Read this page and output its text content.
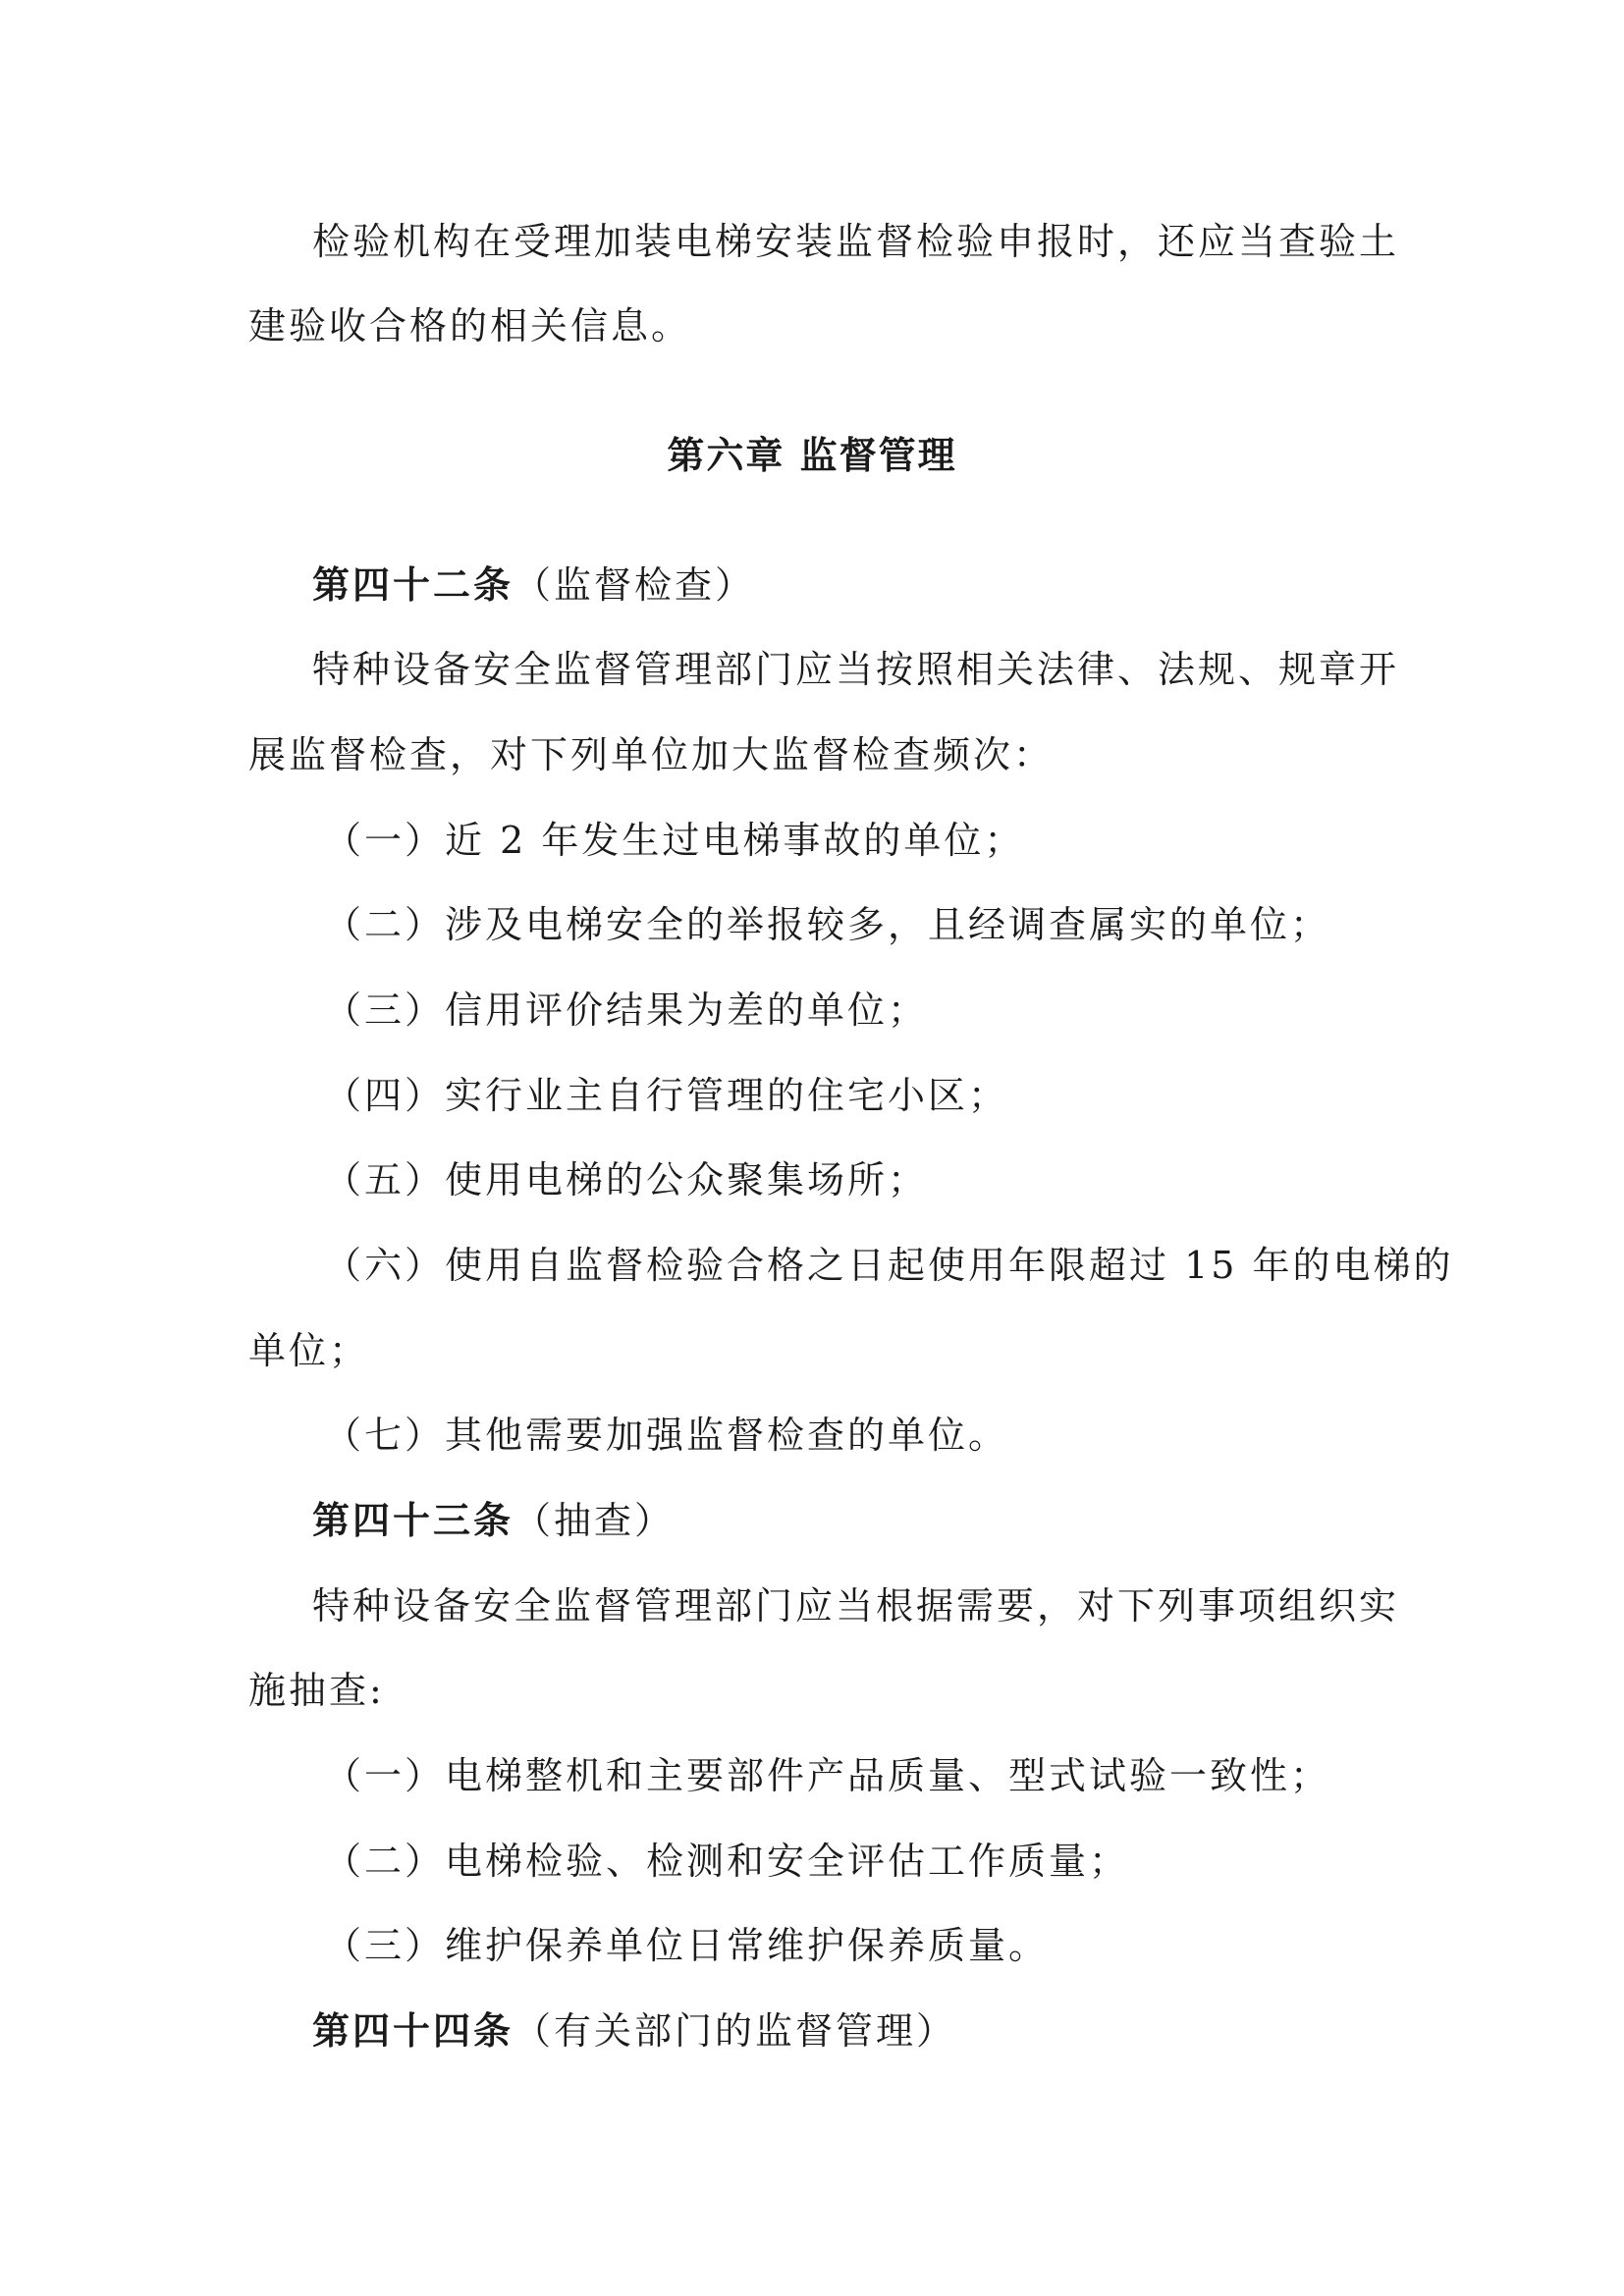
检验机构在受理加装电梯安装监督检验申报时，还应当查验土
建验收合格的相关信息。
第六章 监督管理
第四十二条（监督检查）
特种设备安全监督管理部门应当按照相关法律、法规、规章开
展监督检查，对下列单位加大监督检查频次：
（一）近 2 年发生过电梯事故的单位；
（二）涉及电梯安全的举报较多，且经调查属实的单位；
（三）信用评价结果为差的单位；
（四）实行业主自行管理的住宅小区；
（五）使用电梯的公众聚集场所；
（六）使用自监督检验合格之日起使用年限超过 15 年的电梯的
单位；
（七）其他需要加强监督检查的单位。
第四十三条（抽查）
特种设备安全监督管理部门应当根据需要，对下列事项组织实
施抽查:
（一）电梯整机和主要部件产品质量、型式试验一致性；
（二）电梯检验、检测和安全评估工作质量；
（三）维护保养单位日常维护保养质量。
第四十四条（有关部门的监督管理）
